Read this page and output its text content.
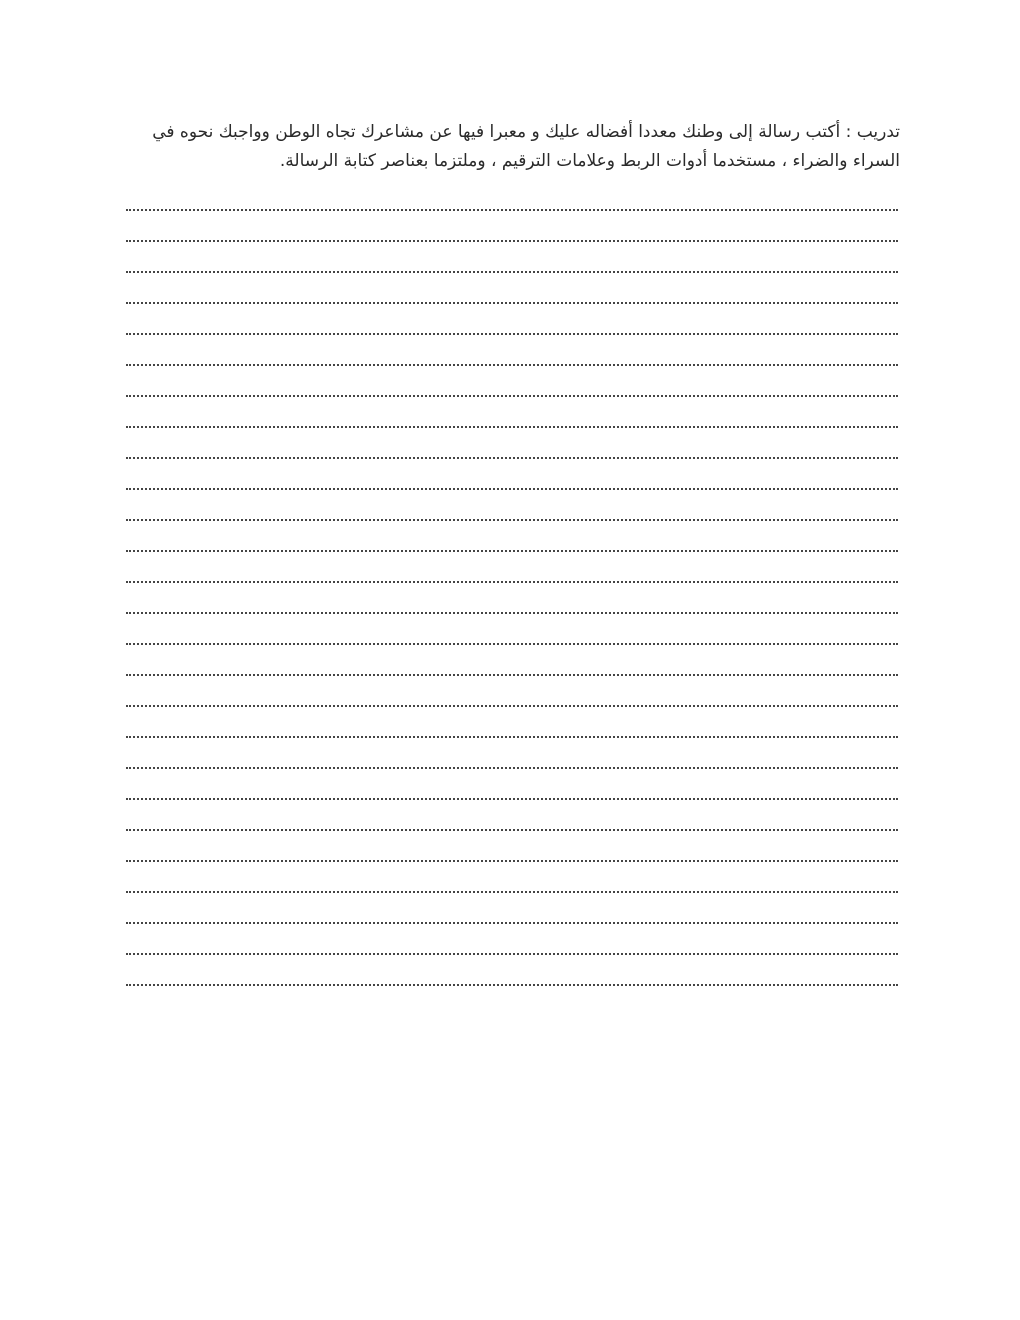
تدريب : أكتب رسالة إلى وطنك معددا أفضاله عليك و معبرا فيها عن مشاعرك تجاه الوطن وواجبك نحوه في
السراء والضراء ، مستخدما أدوات الربط وعلامات الترقيم ، وملتزما بعناصر كتابة الرسالة.
